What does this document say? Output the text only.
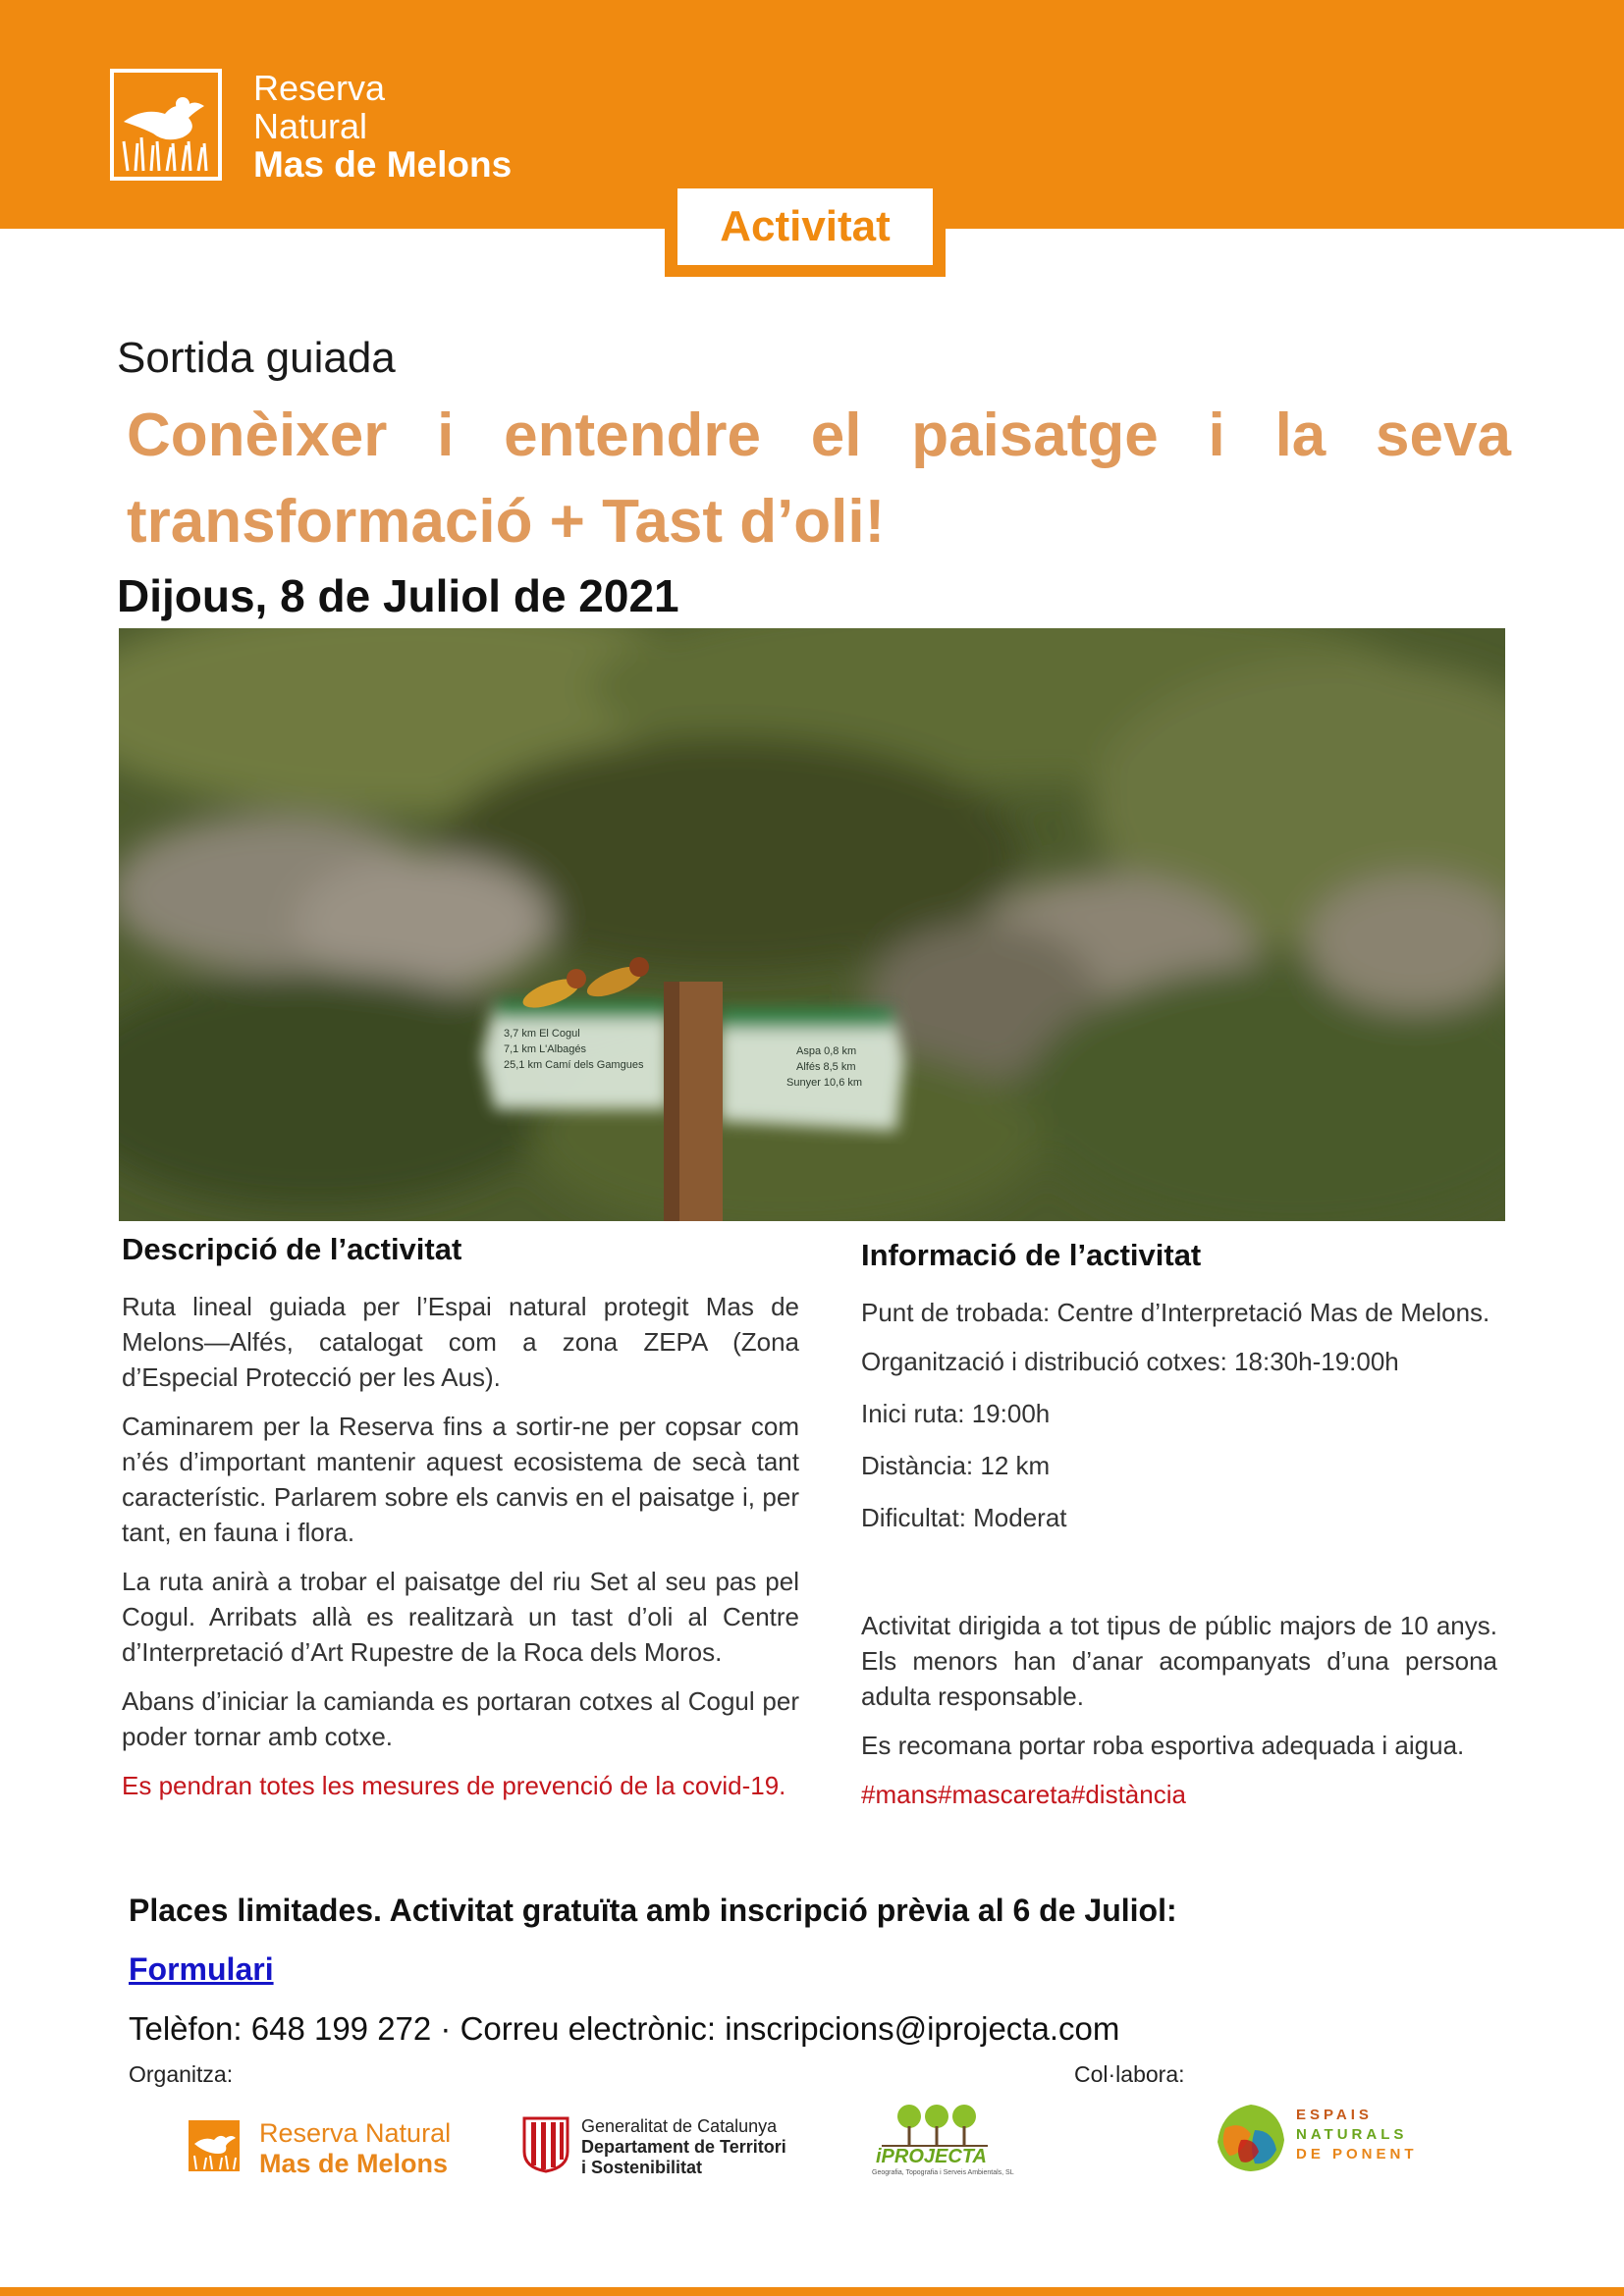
Reserva
Natural
Mas de Melons
Activitat
Sortida guiada
Conèixer i entendre el paisatge i la seva
transformació + Tast d’oli!
Dijous, 8 de Juliol de 2021
3,7 km El Cogul
7,1 km L'Albagés
25,1 km Camí dels Gamgues
Aspa 0,8 km
Alfés 8,5 km
Sunyer 10,6 km
Descripció de l’activitat

Ruta lineal guiada per l’Espai natural protegit Mas de Melons—Alfés, catalogat com a zona ZEPA (Zona d’Especial Protecció per les Aus).

Caminarem per la Reserva fins a sortir-ne per copsar com n’és d’important mantenir aquest ecosistema de secà tant característic. Parlarem sobre els canvis en el paisatge i, per tant, en fauna i flora.

La ruta anirà a trobar el paisatge del riu Set al seu pas pel Cogul. Arribats allà es realitzarà un tast d’oli al Centre d’Interpretació d’Art Rupestre de la Roca dels Moros.

Abans d’iniciar la camianda es portaran cotxes al Cogul per poder tornar amb cotxe.

Es pendran totes les mesures de prevenció de la covid-19.

Informació de l’activitat

Punt de trobada: Centre d’Interpretació Mas de Melons.

Organització i distribució cotxes: 18:30h-19:00h

Inici ruta: 19:00h

Distància: 12 km

Dificultat: Moderat

Activitat dirigida a tot tipus de públic majors de 10 anys. Els menors han d’anar acompanyats d’una persona adulta responsable.

Es recomana portar roba esportiva adequada i aigua.

#mans#mascareta#distància

Places limitades. Activitat gratuïta amb inscripció prèvia al 6 de Juliol:
Formulari
Telèfon: 648 199 272 · Correu electrònic: inscripcions@iprojecta.com
Organitza:	Col·labora:
Reserva Natural
Mas de Melons
Generalitat de Catalunya
Departament de Territori
i Sostenibilitat	iPROJECTA
Geografia, Topografia i Serveis Ambientals, SL
ESPAIS
NATURALS
DE PONENT
